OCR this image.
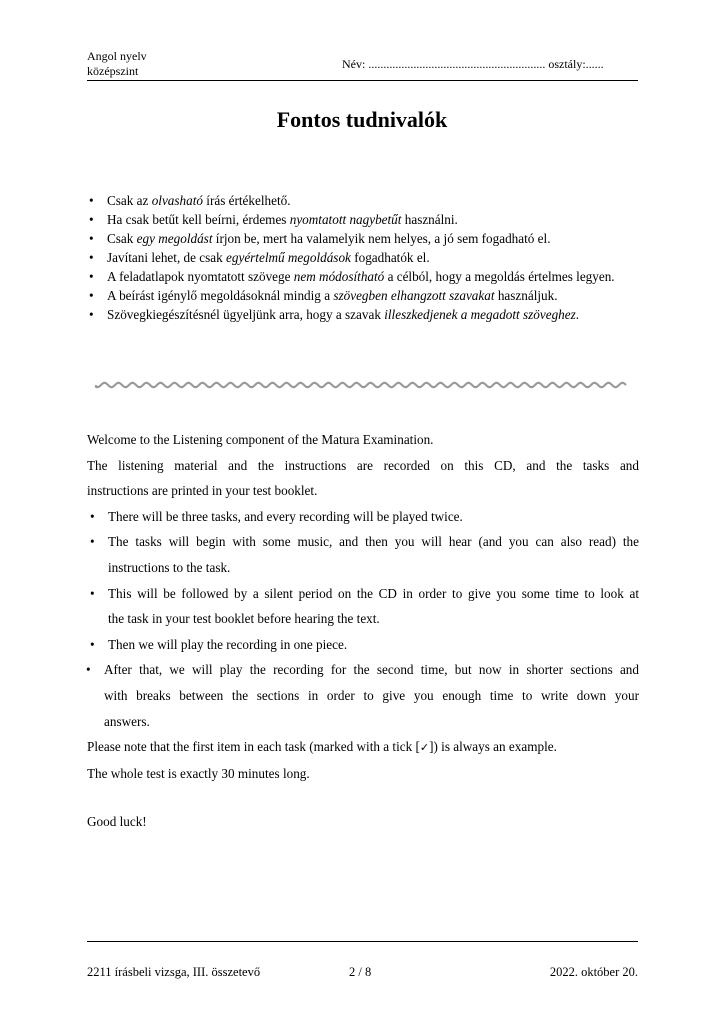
Angol nyelv
középszint	Név: ........................................................... osztály:......
Fontos tudnivalók
• Csak az olvasható írás értékelhető.
• Ha csak betűt kell beírni, érdemes nyomtatott nagybetűt használni.
• Csak egy megoldást írjon be, mert ha valamelyik nem helyes, a jó sem fogadható el.
• Javítani lehet, de csak egyértelmű megoldások fogadhatók el.
• A feladatlapok nyomtatott szövege nem módosítható a célból, hogy a megoldás értelmes legyen.
• A beírást igénylő megoldásoknál mindig a szövegben elhangzott szavakat használjuk.
• Szövegkiegészítésnél ügyeljünk arra, hogy a szavak illeszkedjenek a megadott szöveghez.

Welcome to the Listening component of the Matura Examination.

The listening material and the instructions are recorded on this CD, and the tasks and

instructions are printed in your test booklet.

• There will be three tasks, and every recording will be played twice.
• The tasks will begin with some music, and then you will hear (and you can also read) the
instructions to the task.
• This will be followed by a silent period on the CD in order to give you some time to look at
the task in your test booklet before hearing the text.
• Then we will play the recording in one piece.
• After that, we will play the recording for the second time, but now in shorter sections and
with breaks between the sections in order to give you enough time to write down your
answers.

Please note that the first item in each task (marked with a tick [✓]) is always an example.

The whole test is exactly 30 minutes long.

Good luck!
2211 írásbeli vizsga, III. összetevő	2 / 8	2022. október 20.
